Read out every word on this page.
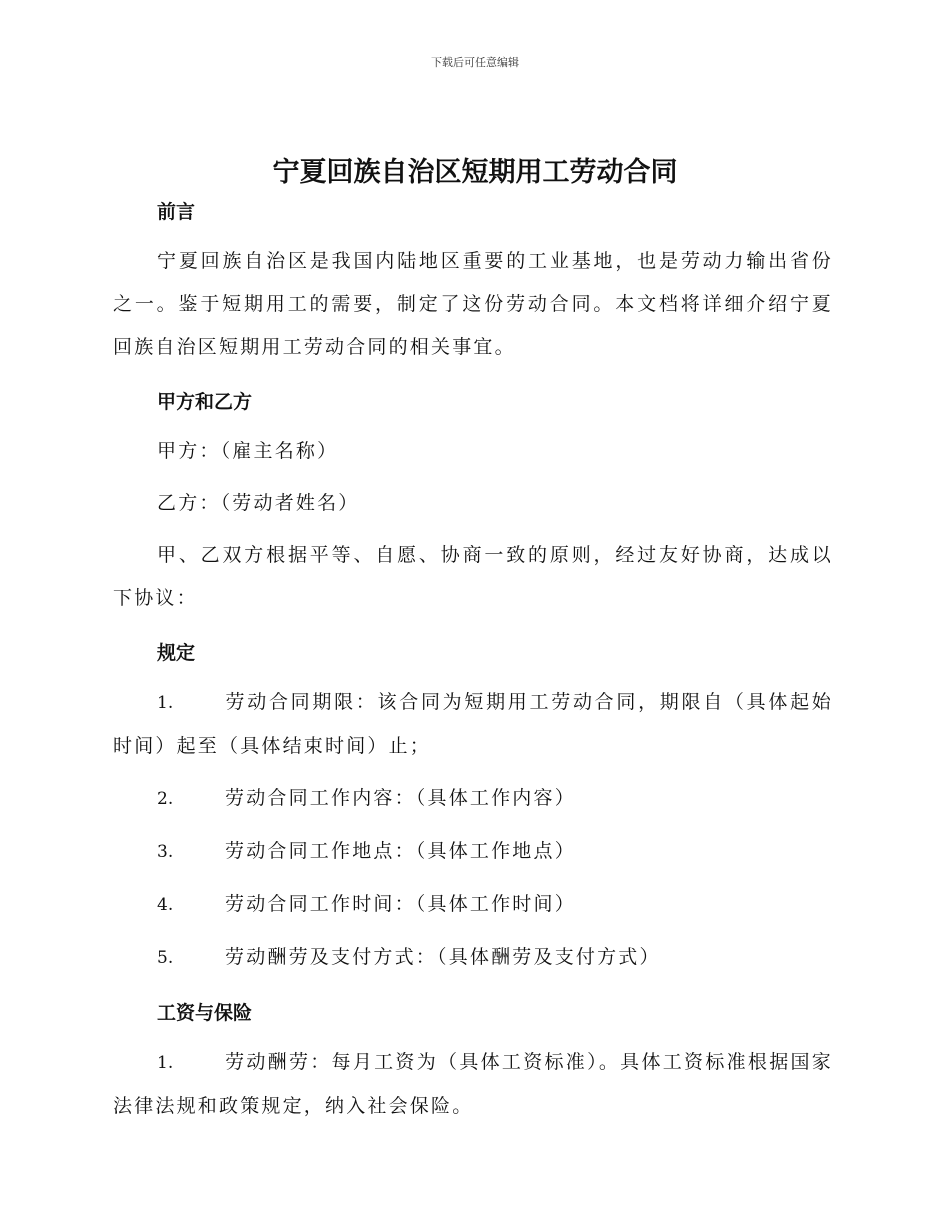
下载后可任意编辑
宁夏回族自治区短期用工劳动合同
前言
宁夏回族自治区是我国内陆地区重要的工业基地，也是劳动力输出省份之一。鉴于短期用工的需要，制定了这份劳动合同。本文档将详细介绍宁夏回族自治区短期用工劳动合同的相关事宜。
甲方和乙方
甲方：（雇主名称）
乙方：（劳动者姓名）
甲、乙双方根据平等、自愿、协商一致的原则，经过友好协商，达成以下协议：
规定
1.	劳动合同期限：该合同为短期用工劳动合同，期限自（具体起始时间）起至（具体结束时间）止；
2.	劳动合同工作内容：（具体工作内容）
3.	劳动合同工作地点：（具体工作地点）
4.	劳动合同工作时间：（具体工作时间）
5.	劳动酬劳及支付方式：（具体酬劳及支付方式）
工资与保险
1.	劳动酬劳：每月工资为（具体工资标准）。具体工资标准根据国家法律法规和政策规定，纳入社会保险。
